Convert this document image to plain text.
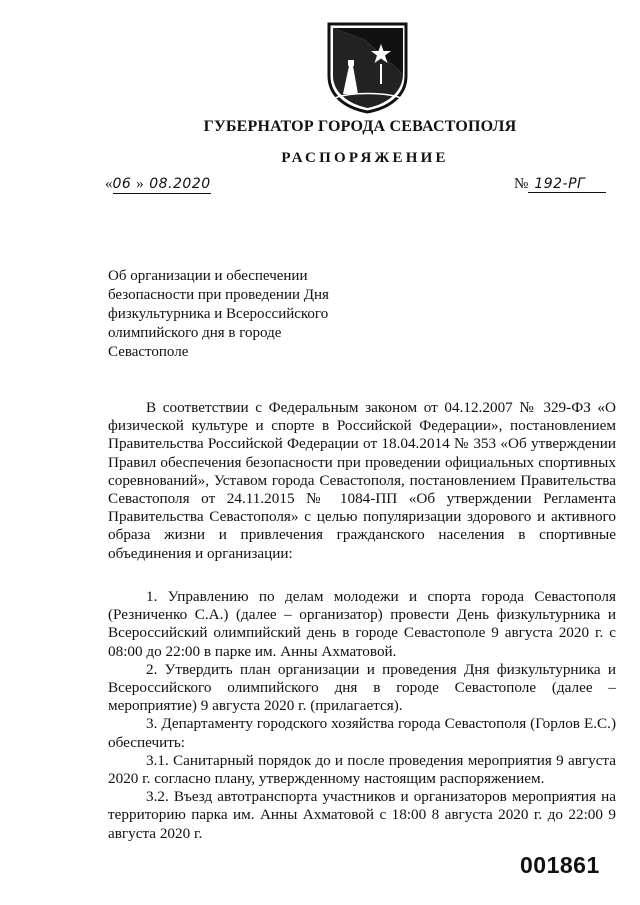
ГУБЕРНАТОР ГОРОДА СЕВАСТОПОЛЯ
РАСПОРЯЖЕНИЕ
«06 » 08.2020	№ 192-РГ
Об организации и обеспечении
безопасности при проведении Дня
физкультурника и Всероссийского
олимпийского дня в городе
Севастополе

В соответствии с Федеральным законом от 04.12.2007 № 329-ФЗ «О физической культуре и спорте в Российской Федерации», постановлением Правительства Российской Федерации от 18.04.2014 № 353 «Об утверждении Правил обеспечения безопасности при проведении официальных спортивных соревнований», Уставом города Севастополя, постановлением Правительства Севастополя от 24.11.2015 № 1084-ПП «Об утверждении Регламента Правительства Севастополя» с целью популяризации здорового и активного образа жизни и привлечения гражданского населения в спортивные объединения и организации:

1. Управлению по делам молодежи и спорта города Севастополя (Резниченко С.А.) (далее – организатор) провести День физкультурника и Всероссийский олимпийский день в городе Севастополе 9 августа 2020 г. с 08:00 до 22:00 в парке им. Анны Ахматовой.

2. Утвердить план организации и проведения Дня физкультурника и Всероссийского олимпийского дня в городе Севастополе (далее – мероприятие) 9 августа 2020 г. (прилагается).

3. Департаменту городского хозяйства города Севастополя (Горлов Е.С.) обеспечить:

3.1. Санитарный порядок до и после проведения мероприятия 9 августа 2020 г. согласно плану, утвержденному настоящим распоряжением.

3.2. Въезд автотранспорта участников и организаторов мероприятия на территорию парка им. Анны Ахматовой с 18:00 8 августа 2020 г. до 22:00 9 августа 2020 г.

001861
